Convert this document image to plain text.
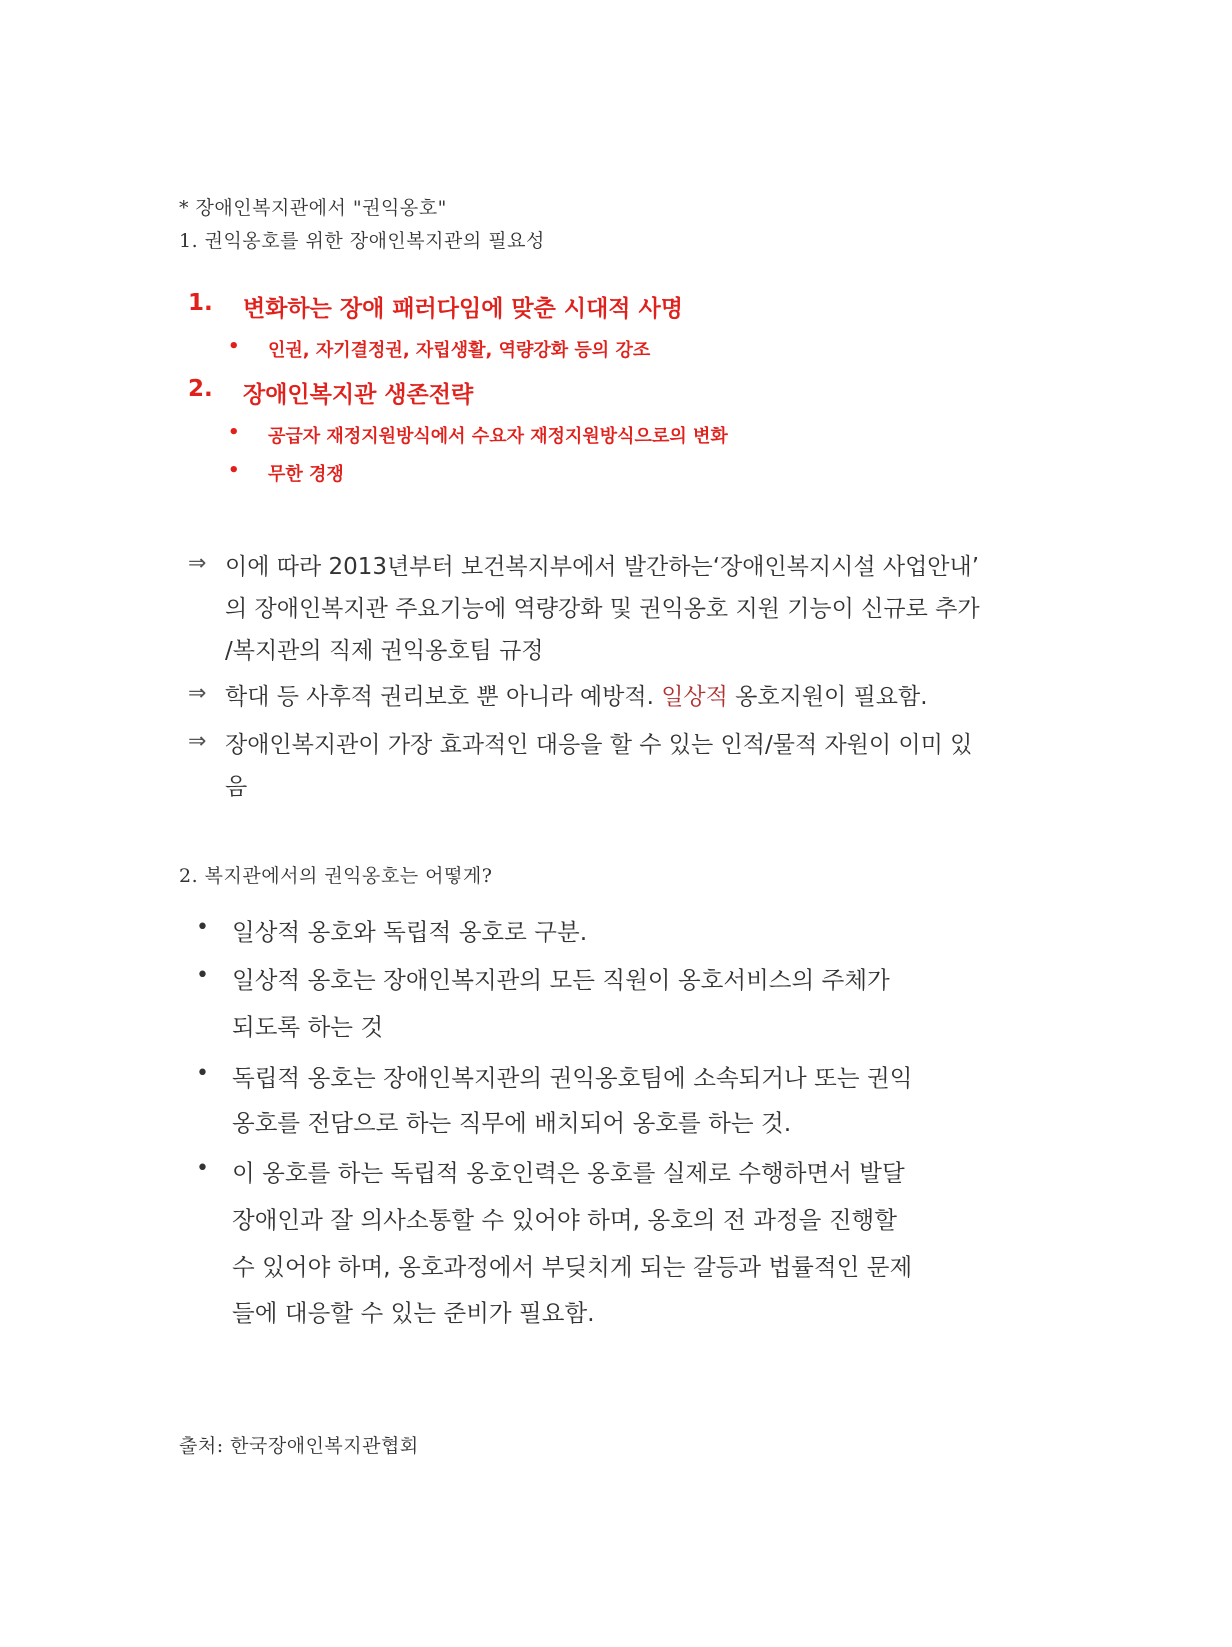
* 장애인복지관에서 "권익옹호"
1. 권익옹호를 위한 장애인복지관의 필요성
1. 변화하는 장애 패러다임에 맞춘 시대적 사명
• 인권, 자기결정권, 자립생활, 역량강화 등의 강조
2. 장애인복지관 생존전략
• 공급자 재정지원방식에서 수요자 재정지원방식으로의 변화
• 무한 경쟁
⇒ 이에 따라 2013년부터 보건복지부에서 발간하는‘장애인복지시설 사업안내’
의 장애인복지관 주요기능에 역량강화 및 권익옹호 지원 기능이 신규로 추가
/복지관의 직제 권익옹호팀 규정
⇒ 학대 등 사후적 권리보호 뿐 아니라 예방적. 일상적 옹호지원이 필요함.
⇒ 장애인복지관이 가장 효과적인 대응을 할 수 있는 인적/물적 자원이 이미 있
음
2. 복지관에서의 권익옹호는 어떻게?
• 일상적 옹호와 독립적 옹호로 구분.
• 일상적 옹호는 장애인복지관의 모든 직원이 옹호서비스의 주체가
되도록 하는 것
• 독립적 옹호는 장애인복지관의 권익옹호팀에 소속되거나 또는 권익
옹호를 전담으로 하는 직무에 배치되어 옹호를 하는 것.
• 이 옹호를 하는 독립적 옹호인력은 옹호를 실제로 수행하면서 발달
장애인과 잘 의사소통할 수 있어야 하며, 옹호의 전 과정을 진행할
수 있어야 하며, 옹호과정에서 부딪치게 되는 갈등과 법률적인 문제
들에 대응할 수 있는 준비가 필요함.
출처: 한국장애인복지관협회
